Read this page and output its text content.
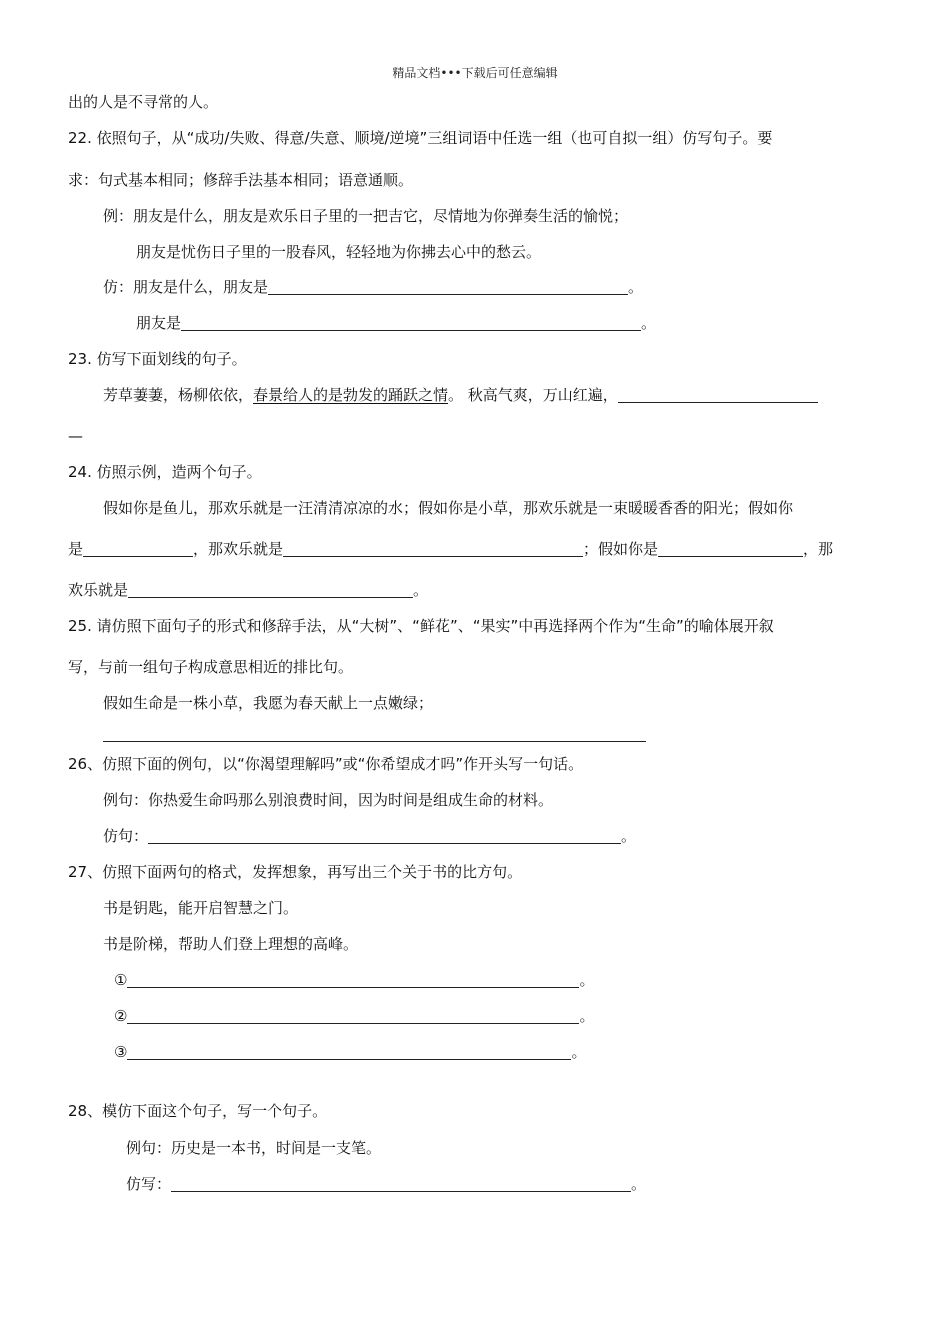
精品文档•••下载后可任意编辑
出的人是不寻常的人。
22. 依照句子，从“成功/失败、得意/失意、顺境/逆境”三组词语中任选一组（也可自拟一组）仿写句子。要
求：句式基本相同；修辞手法基本相同；语意通顺。
例：朋友是什么，朋友是欢乐日子里的一把吉它，尽情地为你弹奏生活的愉悦；
朋友是忧伤日子里的一股春风，轻轻地为你拂去心中的愁云。
仿：朋友是什么，朋友是	。
朋友是	。
23. 仿写下面划线的句子。
芳草萋萋，杨柳依依，春景给人的是勃发的踊跃之情。 秋高气爽，万山红遍，
—
24. 仿照示例，造两个句子。
假如你是鱼儿，那欢乐就是一汪清清凉凉的水；假如你是小草，那欢乐就是一束暖暖香香的阳光；假如你
是	，那欢乐就是	；假如你是	，那
欢乐就是	。
25. 请仿照下面句子的形式和修辞手法，从“大树”、“鲜花”、“果实”中再选择两个作为“生命”的喻体展开叙
写，与前一组句子构成意思相近的排比句。
假如生命是一株小草，我愿为春天献上一点嫩绿；
26、仿照下面的例句，以“你渴望理解吗”或“你希望成才吗”作开头写一句话。
例句：你热爱生命吗那么别浪费时间，因为时间是组成生命的材料。
仿句：	。
27、仿照下面两句的格式，发挥想象，再写出三个关于书的比方句。
书是钥匙，能开启智慧之门。
书是阶梯，帮助人们登上理想的高峰。
①	。
②	。
③	。
28、模仿下面这个句子，写一个句子。
例句：历史是一本书，时间是一支笔。
仿写：	。
